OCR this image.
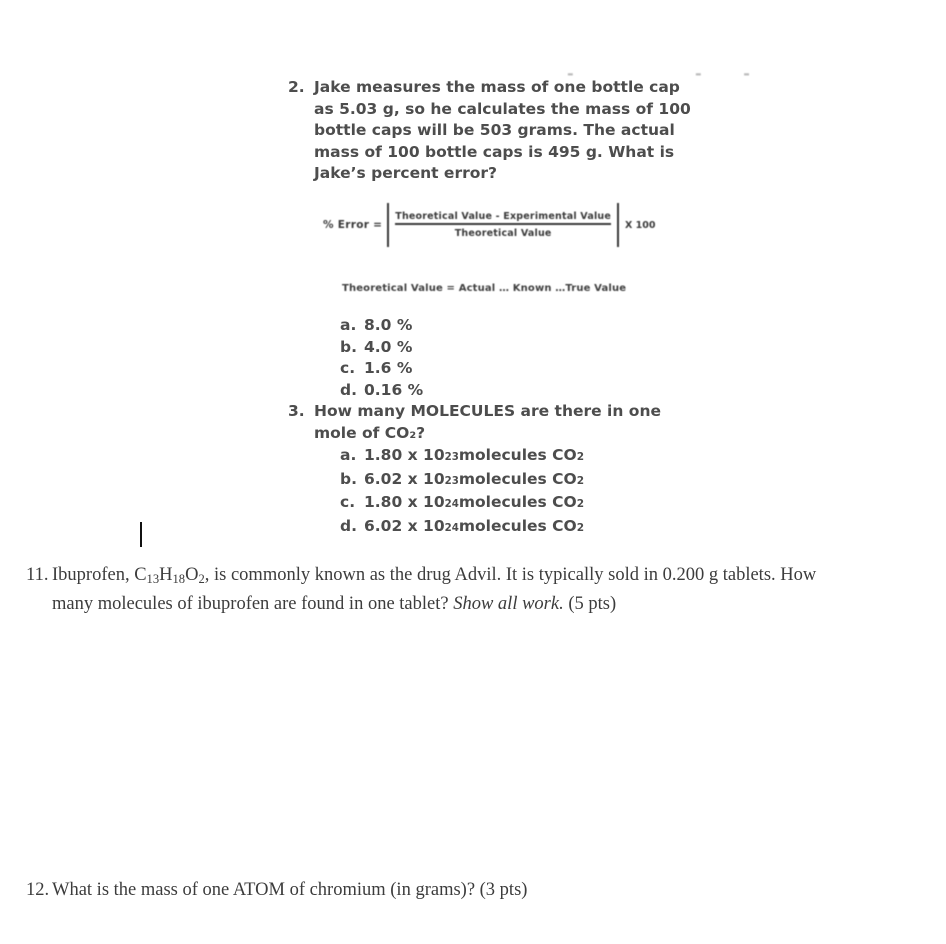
-	- -
2. Jake measures the mass of one bottle cap
as 5.03 g, so he calculates the mass of 100
bottle caps will be 503 grams. The actual
mass of 100 bottle caps is 495 g. What is
Jake’s percent error?
% Error = $\frac{\text{Theoretical Value - Experimental Value}}{\text{Theoretical Value}}$ X 100
Theoretical Value = Actual … Known …True Value
a. 8.0 %
b. 4.0 %
c. 1.6 %
d. 0.16 %
3. How many MOLECULES are there in one
mole of CO₂?
a. 1.80 x 10 23 molecules CO 2
b. 6.02 x 10 23 molecules CO 2
c. 1.80 x 10 24 molecules CO 2
d. 6.02 x 10 24 molecules CO 2
11. Ibuprofen, $C_{13}H_{18}O_2$, is commonly known as the drug Advil. It is typically sold in 0.200 g tablets. How
many molecules of ibuprofen are found in one tablet? Show all work. (5 pts)
12. What is the mass of one ATOM of chromium (in grams)? (3 pts)
